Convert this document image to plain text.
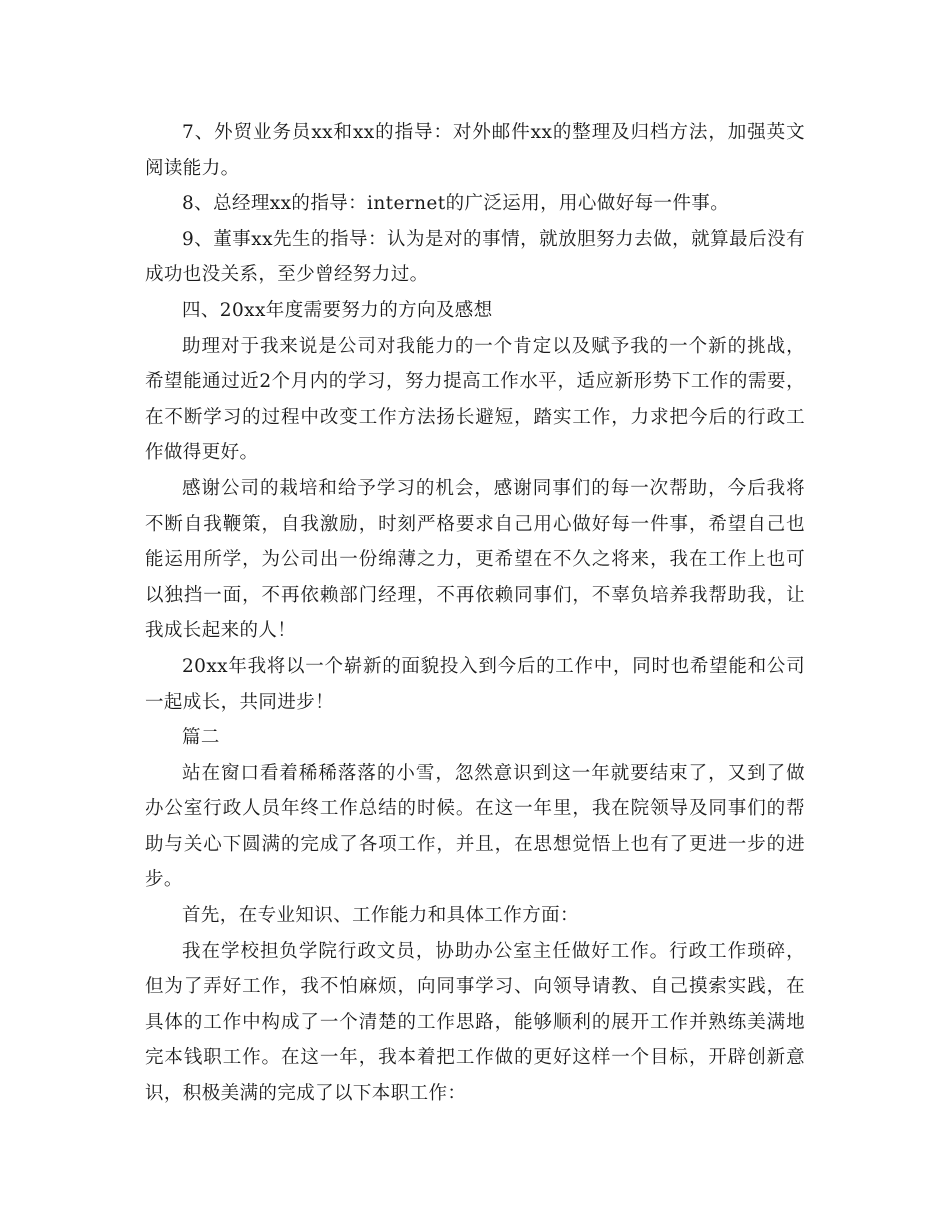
7、外贸业务员xx和xx的指导：对外邮件xx的整理及归档方法，加强英文阅读能力。

8、总经理xx的指导：internet的广泛运用，用心做好每一件事。

9、董事xx先生的指导：认为是对的事情，就放胆努力去做，就算最后没有成功也没关系，至少曾经努力过。

四、20xx年度需要努力的方向及感想

助理对于我来说是公司对我能力的一个肯定以及赋予我的一个新的挑战，希望能通过近2个月内的学习，努力提高工作水平，适应新形势下工作的需要，在不断学习的过程中改变工作方法扬长避短，踏实工作，力求把今后的行政工作做得更好。

感谢公司的栽培和给予学习的机会，感谢同事们的每一次帮助，今后我将不断自我鞭策，自我激励，时刻严格要求自己用心做好每一件事，希望自己也能运用所学，为公司出一份绵薄之力，更希望在不久之将来，我在工作上也可以独挡一面，不再依赖部门经理，不再依赖同事们，不辜负培养我帮助我，让我成长起来的人！

20xx年我将以一个崭新的面貌投入到今后的工作中，同时也希望能和公司一起成长，共同进步！

篇二

站在窗口看着稀稀落落的小雪，忽然意识到这一年就要结束了，又到了做办公室行政人员年终工作总结的时候。在这一年里，我在院领导及同事们的帮助与关心下圆满的完成了各项工作，并且，在思想觉悟上也有了更进一步的进步。

首先，在专业知识、工作能力和具体工作方面：

我在学校担负学院行政文员，协助办公室主任做好工作。行政工作琐碎，但为了弄好工作，我不怕麻烦，向同事学习、向领导请教、自己摸索实践，在具体的工作中构成了一个清楚的工作思路，能够顺利的展开工作并熟练美满地完本钱职工作。在这一年，我本着把工作做的更好这样一个目标，开辟创新意识，积极美满的完成了以下本职工作：
